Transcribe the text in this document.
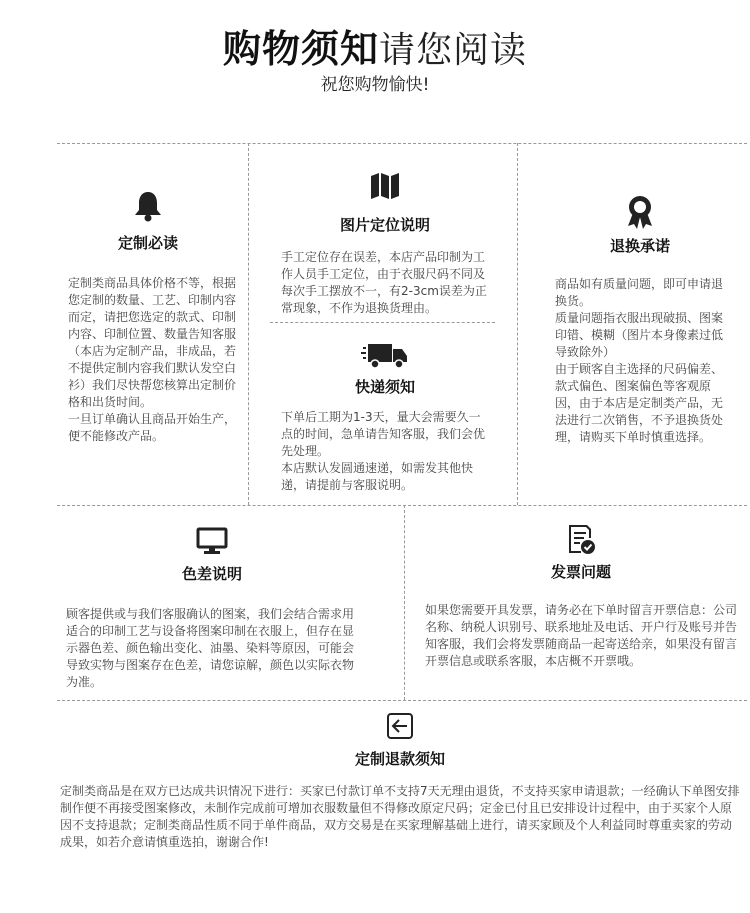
购物须知请您阅读
祝您购物愉快!
定制必读
定制类商品具体价格不等，根据您定制的数量、工艺、印制内容而定，请把您选定的款式、印制内容、印制位置、数量告知客服（本店为定制产品，非成品，若不提供定制内容我们默认发空白衫）我们尽快帮您核算出定制价格和出货时间。
一旦订单确认且商品开始生产，便不能修改产品。
图片定位说明
手工定位存在误差，本店产品印制为工作人员手工定位，由于衣服尺码不同及每次手工摆放不一，有2-3cm误差为正常现象，不作为退换货理由。
快递须知
下单后工期为1-3天，量大会需要久一点的时间，急单请告知客服，我们会优先处理。
本店默认发圆通速递，如需发其他快递，请提前与客服说明。
退换承诺
商品如有质量问题，即可申请退换货。
质量问题指衣服出现破损、图案印错、模糊（图片本身像素过低导致除外）
由于顾客自主选择的尺码偏差、款式偏色、图案偏色等客观原因，由于本店是定制类产品，无法进行二次销售，不予退换货处理，请购买下单时慎重选择。
色差说明
顾客提供或与我们客服确认的图案，我们会结合需求用适合的印制工艺与设备将图案印制在衣服上，但存在显示器色差、颜色输出变化、油墨、染料等原因，可能会导致实物与图案存在色差，请您谅解，颜色以实际衣物为准。
发票问题
如果您需要开具发票，请务必在下单时留言开票信息：公司名称、纳税人识别号、联系地址及电话、开户行及账号并告知客服，我们会将发票随商品一起寄送给亲，如果没有留言开票信息或联系客服，本店概不开票哦。
定制退款须知
定制类商品是在双方已达成共识情况下进行：买家已付款订单不支持7天无理由退货，不支持买家申请退款；一经确认下单图安排制作便不再接受图案修改，未制作完成前可增加衣服数量但不得修改原定尺码；定金已付且已安排设计过程中，由于买家个人原因不支持退款；定制类商品性质不同于单件商品，双方交易是在买家理解基础上进行，请买家顾及个人利益同时尊重卖家的劳动成果，如若介意请慎重选拍，谢谢合作!
